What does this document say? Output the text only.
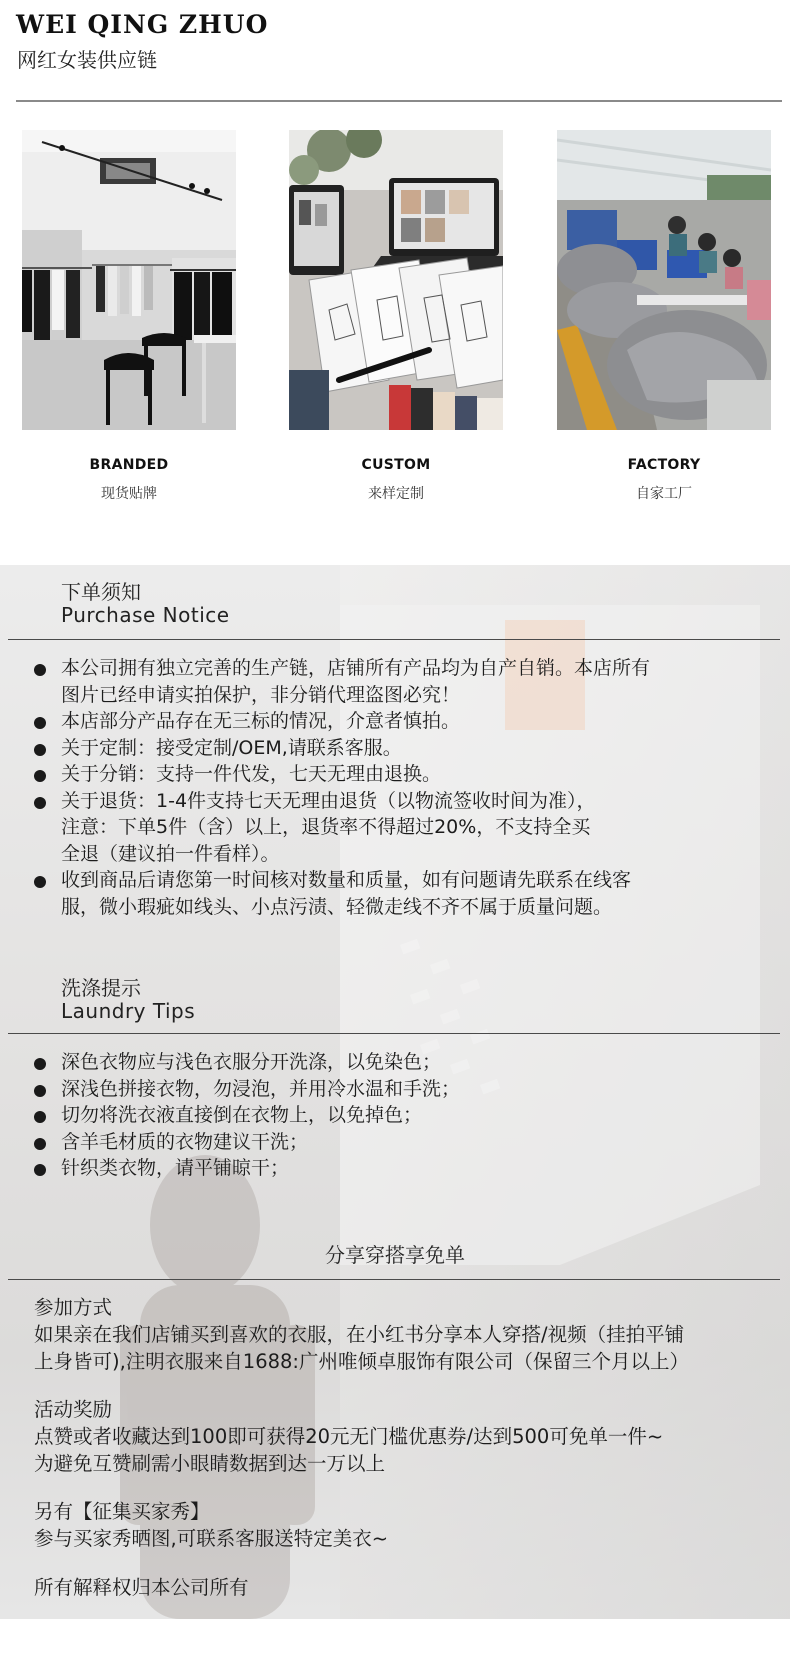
WEI QING ZHUO
网红女装供应链
BRANDED
现货贴牌
CUSTOM
来样定制
FACTORY
自家工厂
下单须知
Purchase Notice
本公司拥有独立完善的生产链，店铺所有产品均为自产自销。本店所有
图片已经申请实拍保护，非分销代理盗图必究！
本店部分产品存在无三标的情况，介意者慎拍。
关于定制：接受定制/OEM,请联系客服。
关于分销：支持一件代发，七天无理由退换。
关于退货：1-4件支持七天无理由退货（以物流签收时间为准），
注意：下单5件（含）以上，退货率不得超过20%，不支持全买
全退（建议拍一件看样）。
收到商品后请您第一时间核对数量和质量，如有问题请先联系在线客
服，微小瑕疵如线头、小点污渍、轻微走线不齐不属于质量问题。
洗涤提示
Laundry Tips
深色衣物应与浅色衣服分开洗涤，以免染色；
深浅色拼接衣物，勿浸泡，并用冷水温和手洗；
切勿将洗衣液直接倒在衣物上，以免掉色；
含羊毛材质的衣物建议干洗；
针织类衣物，请平铺晾干；
分享穿搭享免单
参加方式
如果亲在我们店铺买到喜欢的衣服，在小红书分享本人穿搭/视频（挂拍平铺
上身皆可),注明衣服来自1688:广州唯倾卓服饰有限公司（保留三个月以上）
活动奖励
点赞或者收藏达到100即可获得20元无门槛优惠券/达到500可免单一件~
为避免互赞刷需小眼睛数据到达一万以上
另有【征集买家秀】
参与买家秀晒图,可联系客服送特定美衣~
所有解释权归本公司所有
